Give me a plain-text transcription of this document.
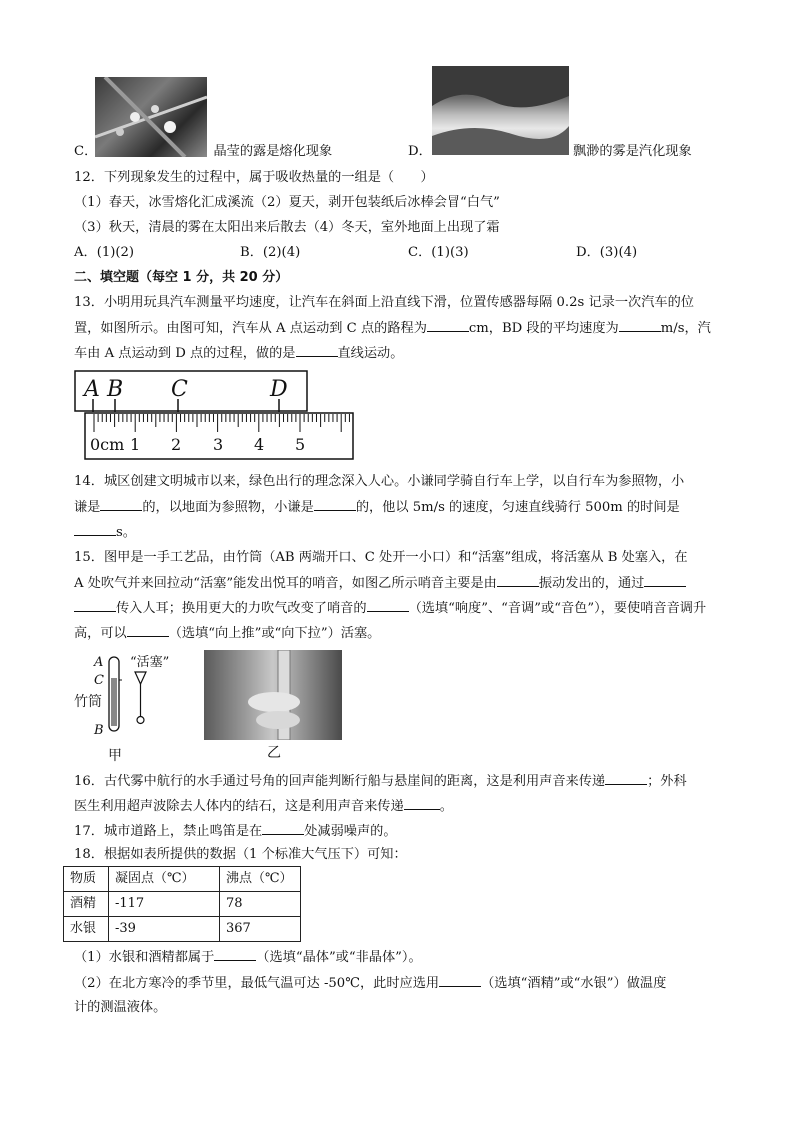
C．	晶莹的露是熔化现象	D．	飘渺的雾是汽化现象
12．下列现象发生的过程中，属于吸收热量的一组是（　　）
（1）春天，冰雪熔化汇成溪流（2）夏天，剥开包装纸后冰棒会冒“白气”
（3）秋天，清晨的雾在太阳出来后散去（4）冬天，室外地面上出现了霜
A．(1)(2)	B．(2)(4)	C．(1)(3)	D．(3)(4)
二、填空题（每空 1 分，共 20 分）
13．小明用玩具汽车测量平均速度，让汽车在斜面上沿直线下滑，位置传感器每隔 0.2s 记录一次汽车的位
置，如图所示。由图可知，汽车从 A 点运动到 C 点的路程为	cm，BD 段的平均速度为	m/s，汽
车由 A 点运动到 D 点的过程，做的是	直线运动。
A B C	D
0cm 1 2 3 4 5
14．城区创建文明城市以来，绿色出行的理念深入人心。小谦同学骑自行车上学，以自行车为参照物，小
谦是	的，以地面为参照物，小谦是	的，他以 5m/s 的速度，匀速直线骑行 500m 的时间是
s。
15．图甲是一手工艺品，由竹筒（AB 两端开口、C 处开一小口）和“活塞”组成，将活塞从 B 处塞入，在
A 处吹气并来回拉动“活塞”能发出悦耳的哨音，如图乙所示哨音主要是由	振动发出的，通过
传入人耳；换用更大的力吹气改变了哨音的	（选填“响度”、“音调”或“音色”），要使哨音音调升
高，可以	（选填“向上推”或“向下拉”）活塞。
A
C
竹筒
B
“活塞”
甲	乙
16．古代雾中航行的水手通过号角的回声能判断行船与悬崖间的距离，这是利用声音来传递	；外科
医生利用超声波除去人体内的结石，这是利用声音来传递	。
17．城市道路上，禁止鸣笛是在	处减弱噪声的。
18．根据如表所提供的数据（1 个标准大气压下）可知：
物质	凝固点（℃）	沸点（℃）
酒精	-117	78
水银	-39	367
（1）水银和酒精都属于	（选填“晶体”或“非晶体”）。
（2）在北方寒冷的季节里，最低气温可达 -50℃，此时应选用	（选填“酒精”或“水银”）做温度
计的测温液体。
